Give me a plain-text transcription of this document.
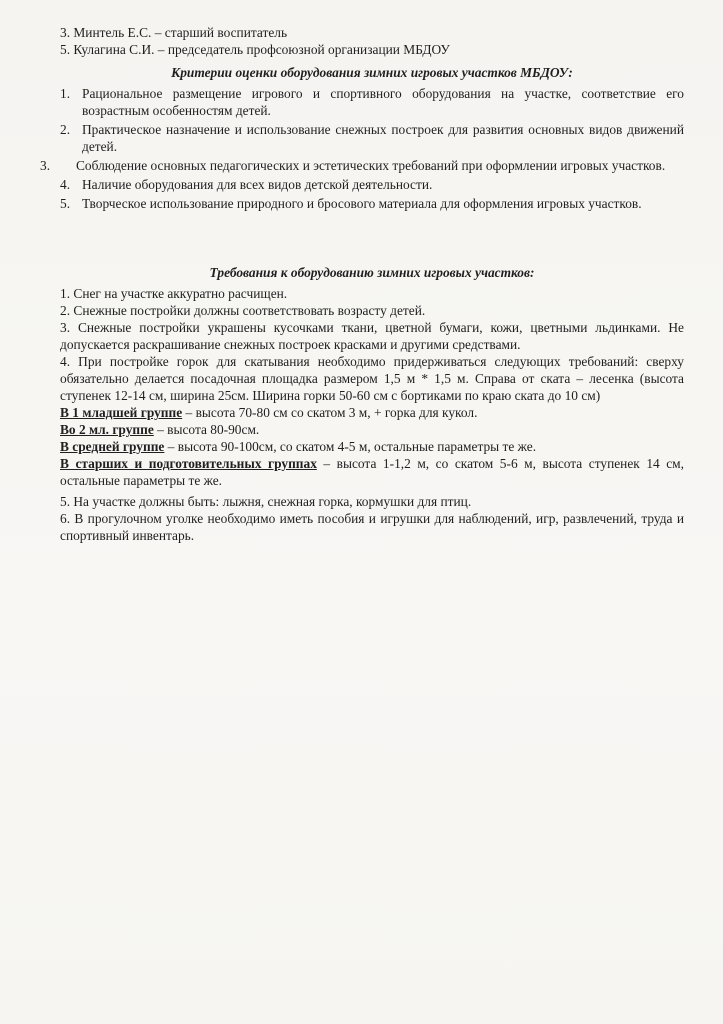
3. Минтель Е.С. – старший воспитатель
5. Кулагина С.И. – председатель профсоюзной организации МБДОУ
Критерии оценки оборудования зимних игровых участков МБДОУ:
1. Рациональное размещение игрового и спортивного оборудования на участке, соответствие его возрастным особенностям детей.
2. Практическое назначение и использование снежных построек для развития основных видов движений детей.
3. Соблюдение основных педагогических и эстетических требований при оформлении игровых участков.
4. Наличие оборудования для всех видов детской деятельности.
5. Творческое использование природного и бросового материала для оформления игровых участков.
Требования к оборудованию зимних игровых участков:

1. Снег на участке аккуратно расчищен.

2. Снежные постройки должны соответствовать возрасту детей.

3. Снежные постройки украшены кусочками ткани, цветной бумаги, кожи, цветными льдинками. Не допускается раскрашивание снежных построек красками и другими средствами.

4. При постройке горок для скатывания необходимо придерживаться следующих требований: сверху обязательно делается посадочная площадка размером 1,5 м * 1,5 м. Справа от ската – лесенка (высота ступенек 12-14 см, ширина 25см. Ширина горки 50-60 см с бортиками по краю ската до 10 см)

В 1 младшей группе – высота 70-80 см со скатом 3 м, + горка для кукол.

Во 2 мл. группе – высота 80-90см.

В средней группе – высота 90-100см, со скатом 4-5 м, остальные параметры те же.

В старших и подготовительных группах – высота 1-1,2 м, со скатом 5-6 м, высота ступенек 14 см, остальные параметры те же.

5. На участке должны быть: лыжня, снежная горка, кормушки для птиц.

6. В прогулочном уголке необходимо иметь пособия и игрушки для наблюдений, игр, развлечений, труда и спортивный инвентарь.
